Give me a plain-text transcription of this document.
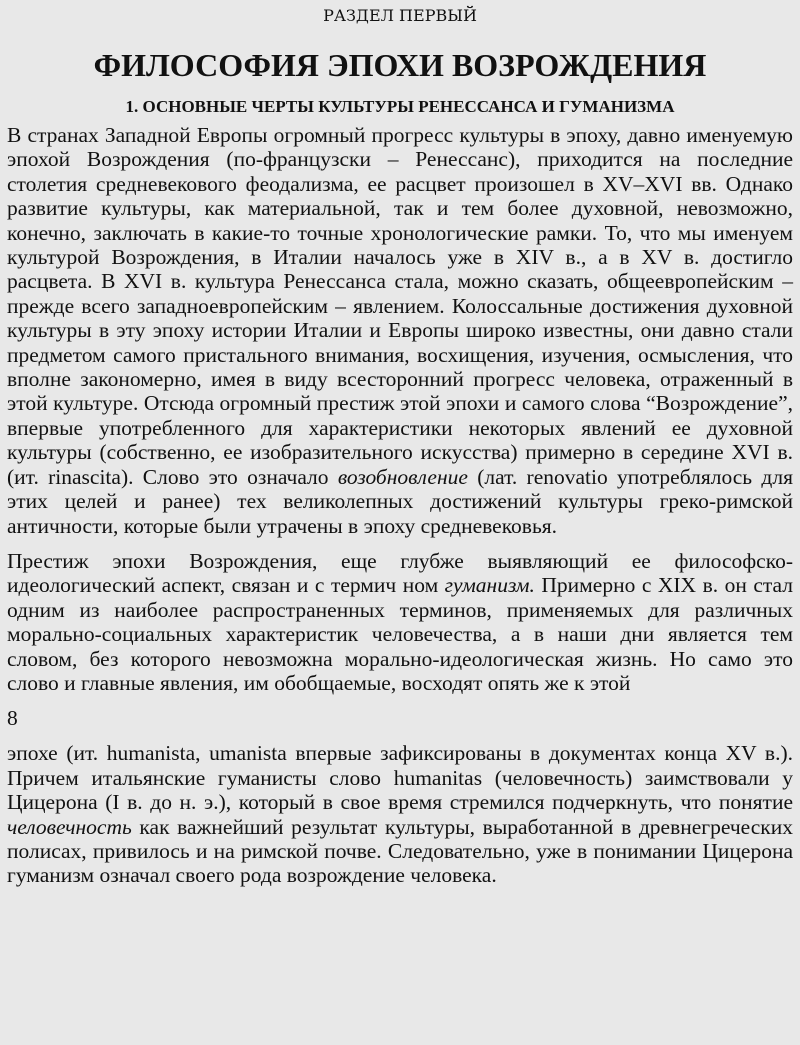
РАЗДЕЛ ПЕРВЫЙ

ФИЛОСОФИЯ ЭПОХИ ВОЗРОЖДЕНИЯ
1. ОСНОВНЫЕ ЧЕРТЫ КУЛЬТУРЫ РЕНЕССАНСА И ГУМАНИЗМА

В странах Западной Европы огромный прогресс культуры в эпоху, давно именуемую эпохой Возрождения (по-французски – Ренессанс), приходится на последние столетия средневекового феодализма, ее расцвет произошел в XV–XVI вв. Однако развитие культуры, как материальной, так и тем более духовной, невозможно, конечно, заключать в какие-то точные хронологические рамки. То, что мы именуем культурой Возрождения, в Италии началось уже в XIV в., а в XV в. достигло расцвета. В XVI в. культура Ренессанса стала, можно сказать, общеевропейским – прежде всего западноевропейским – явлением. Колоссальные достижения духовной культуры в эту эпоху истории Италии и Европы широко известны, они давно стали предметом самого пристального внимания, восхищения, изучения, осмысления, что вполне закономерно, имея в виду всесторонний прогресс человека, отраженный в этой культуре. Отсюда огромный престиж этой эпохи и самого слова “Возрождение”, впервые употребленного для характеристики некоторых явлений ее духовной культуры (собственно, ее изобразительного искусства) примерно в середине XVI в. (ит. rinascita). Слово это означало возобновление (лат. renovatio употреблялось для этих целей и ранее) тех великолепных достижений культуры греко-римской античности, которые были утрачены в эпоху средневековья.

Престиж эпохи Возрождения, еще глубже выявляющий ее философско-идеологический аспект, связан и с термич ном гуманизм. Примерно с XIX в. он стал одним из наиболее распространенных терминов, применяемых для различных морально-социальных характеристик человечества, а в наши дни является тем словом, без которого невозможна морально-идеологическая жизнь. Но само это слово и главные явления, им обобщаемые, восходят опять же к этой

8

эпохе (ит. humanista, umanista впервые зафиксированы в документах конца XV в.). Причем итальянские гуманисты слово humanitas (человечность) заимствовали у Цицерона (I в. до н. э.), который в свое время стремился подчеркнуть, что понятие человечность как важнейший результат культуры, выработанной в древнегреческих полисах, привилось и на римской почве. Следовательно, уже в понимании Цицерона гуманизм означал своего рода возрождение человека.
